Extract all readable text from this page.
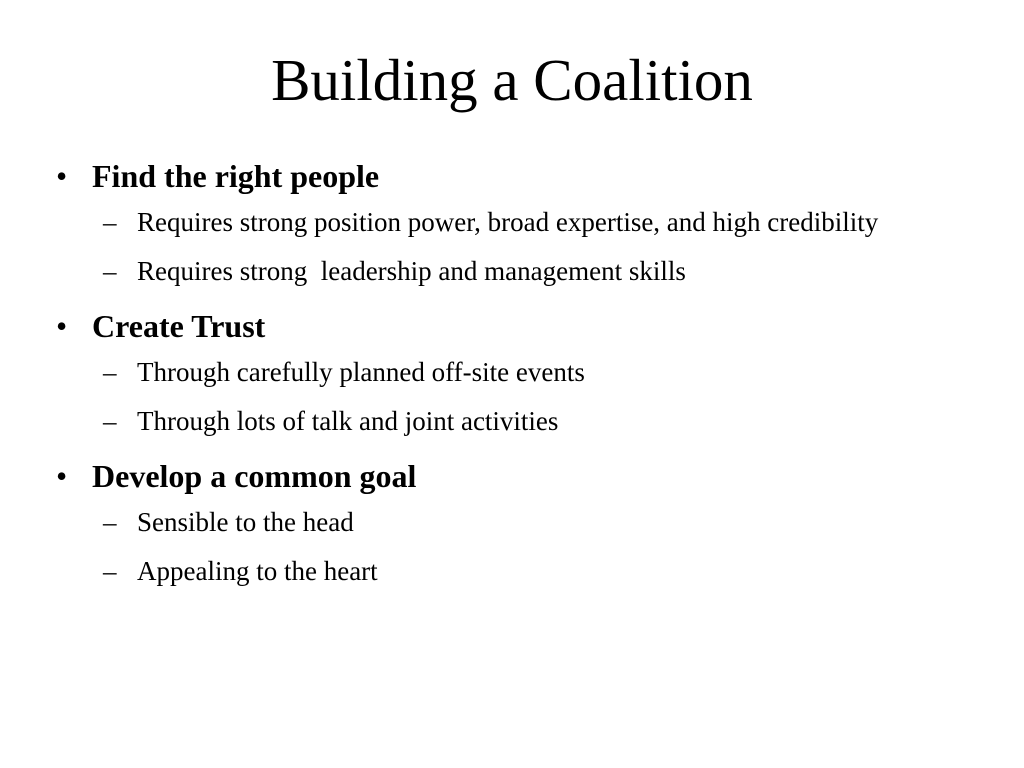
Building a Coalition
• Find the right people
– Requires strong position power, broad expertise, and high credibility
– Requires strong  leadership and management skills
• Create Trust
– Through carefully planned off-site events
– Through lots of talk and joint activities
• Develop a common goal
– Sensible to the head
– Appealing to the heart
